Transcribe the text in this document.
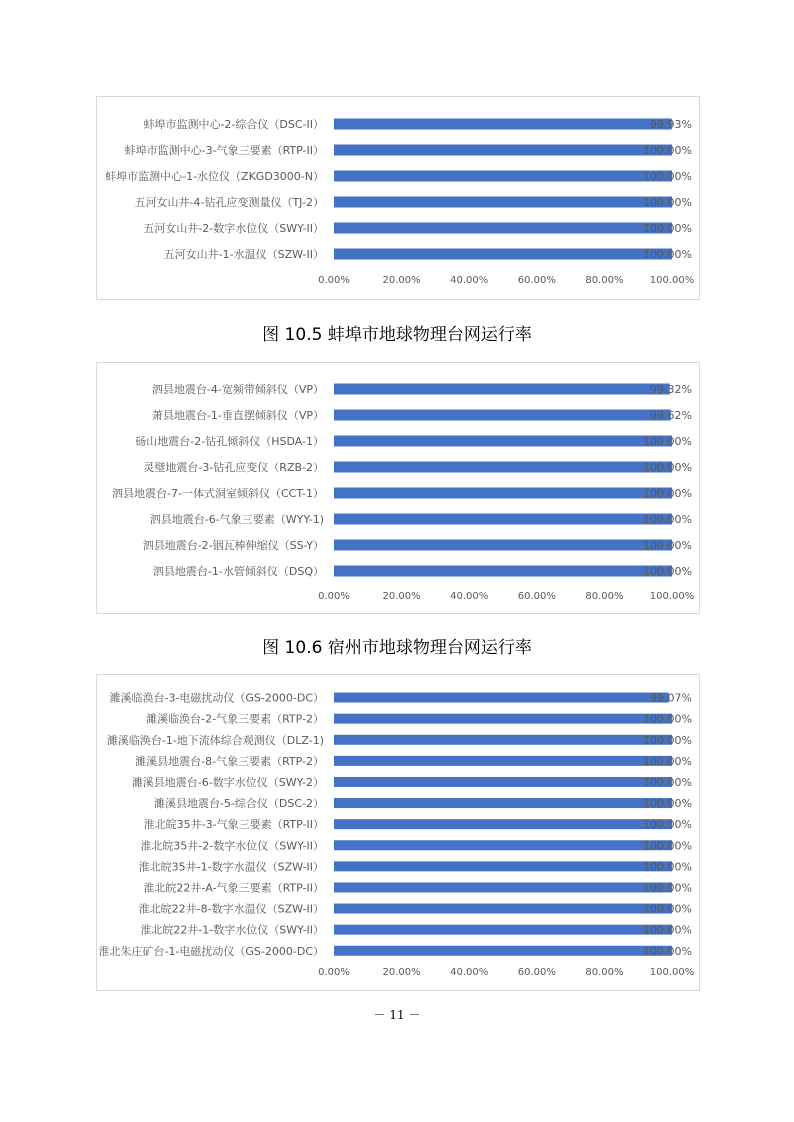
蚌埠市监测中心-2-综合仪（DSC-II）	99.93%
蚌埠市监测中心-3-气象三要素（RTP-II）	100.00%
蚌埠市监测中心-1-水位仪（ZKGD3000-N）	100.00%
五河女山井-4-钻孔应变测量仪（TJ-2）	100.00%
五河女山井-2-数字水位仪（SWY-II）	100.00%
五河女山井-1-水温仪（SZW-II）	100.00%
0.00%	20.00%	40.00%	60.00%	80.00%	100.00%
图 10.5 蚌埠市地球物理台网运行率
泗县地震台-4-宽频带倾斜仪（VP）	99.32%
萧县地震台-1-垂直摆倾斜仪（VP）	99.62%
砀山地震台-2-钻孔倾斜仪（HSDA-1）	100.00%
灵璧地震台-3-钻孔应变仪（RZB-2）	100.00%
泗县地震台-7-一体式洞室倾斜仪（CCT-1）	100.00%
泗县地震台-6-气象三要素（WYY-1)	100.00%
泗县地震台-2-铟瓦棒伸缩仪（SS-Y）	100.00%
泗县地震台-1-水管倾斜仪（DSQ）	100.00%
0.00%	20.00%	40.00%	60.00%	80.00%	100.00%
图 10.6 宿州市地球物理台网运行率
濉溪临涣台-3-电磁扰动仪（GS-2000-DC）	99.07%
濉溪临涣台-2-气象三要素（RTP-2）	100.00%
濉溪临涣台-1-地下流体综合观测仪（DLZ-1)	100.00%
濉溪县地震台-8-气象三要素（RTP-2）	100.00%
濉溪县地震台-6-数字水位仪（SWY-2）	100.00%
濉溪县地震台-5-综合仪（DSC-2）	100.00%
淮北皖35井-3-气象三要素（RTP-II）	100.00%
淮北皖35井-2-数字水位仪（SWY-II）	100.00%
淮北皖35井-1-数字水温仪（SZW-II）	100.00%
淮北皖22井-A-气象三要素（RTP-II）	100.00%
淮北皖22井-8-数字水温仪（SZW-II）	100.00%
淮北皖22井-1-数字水位仪（SWY-II）	100.00%
淮北朱庄矿台-1-电磁扰动仪（GS-2000-DC）	100.00%
0.00%	20.00%	40.00%	60.00%	80.00%	100.00%
－ 11 －
